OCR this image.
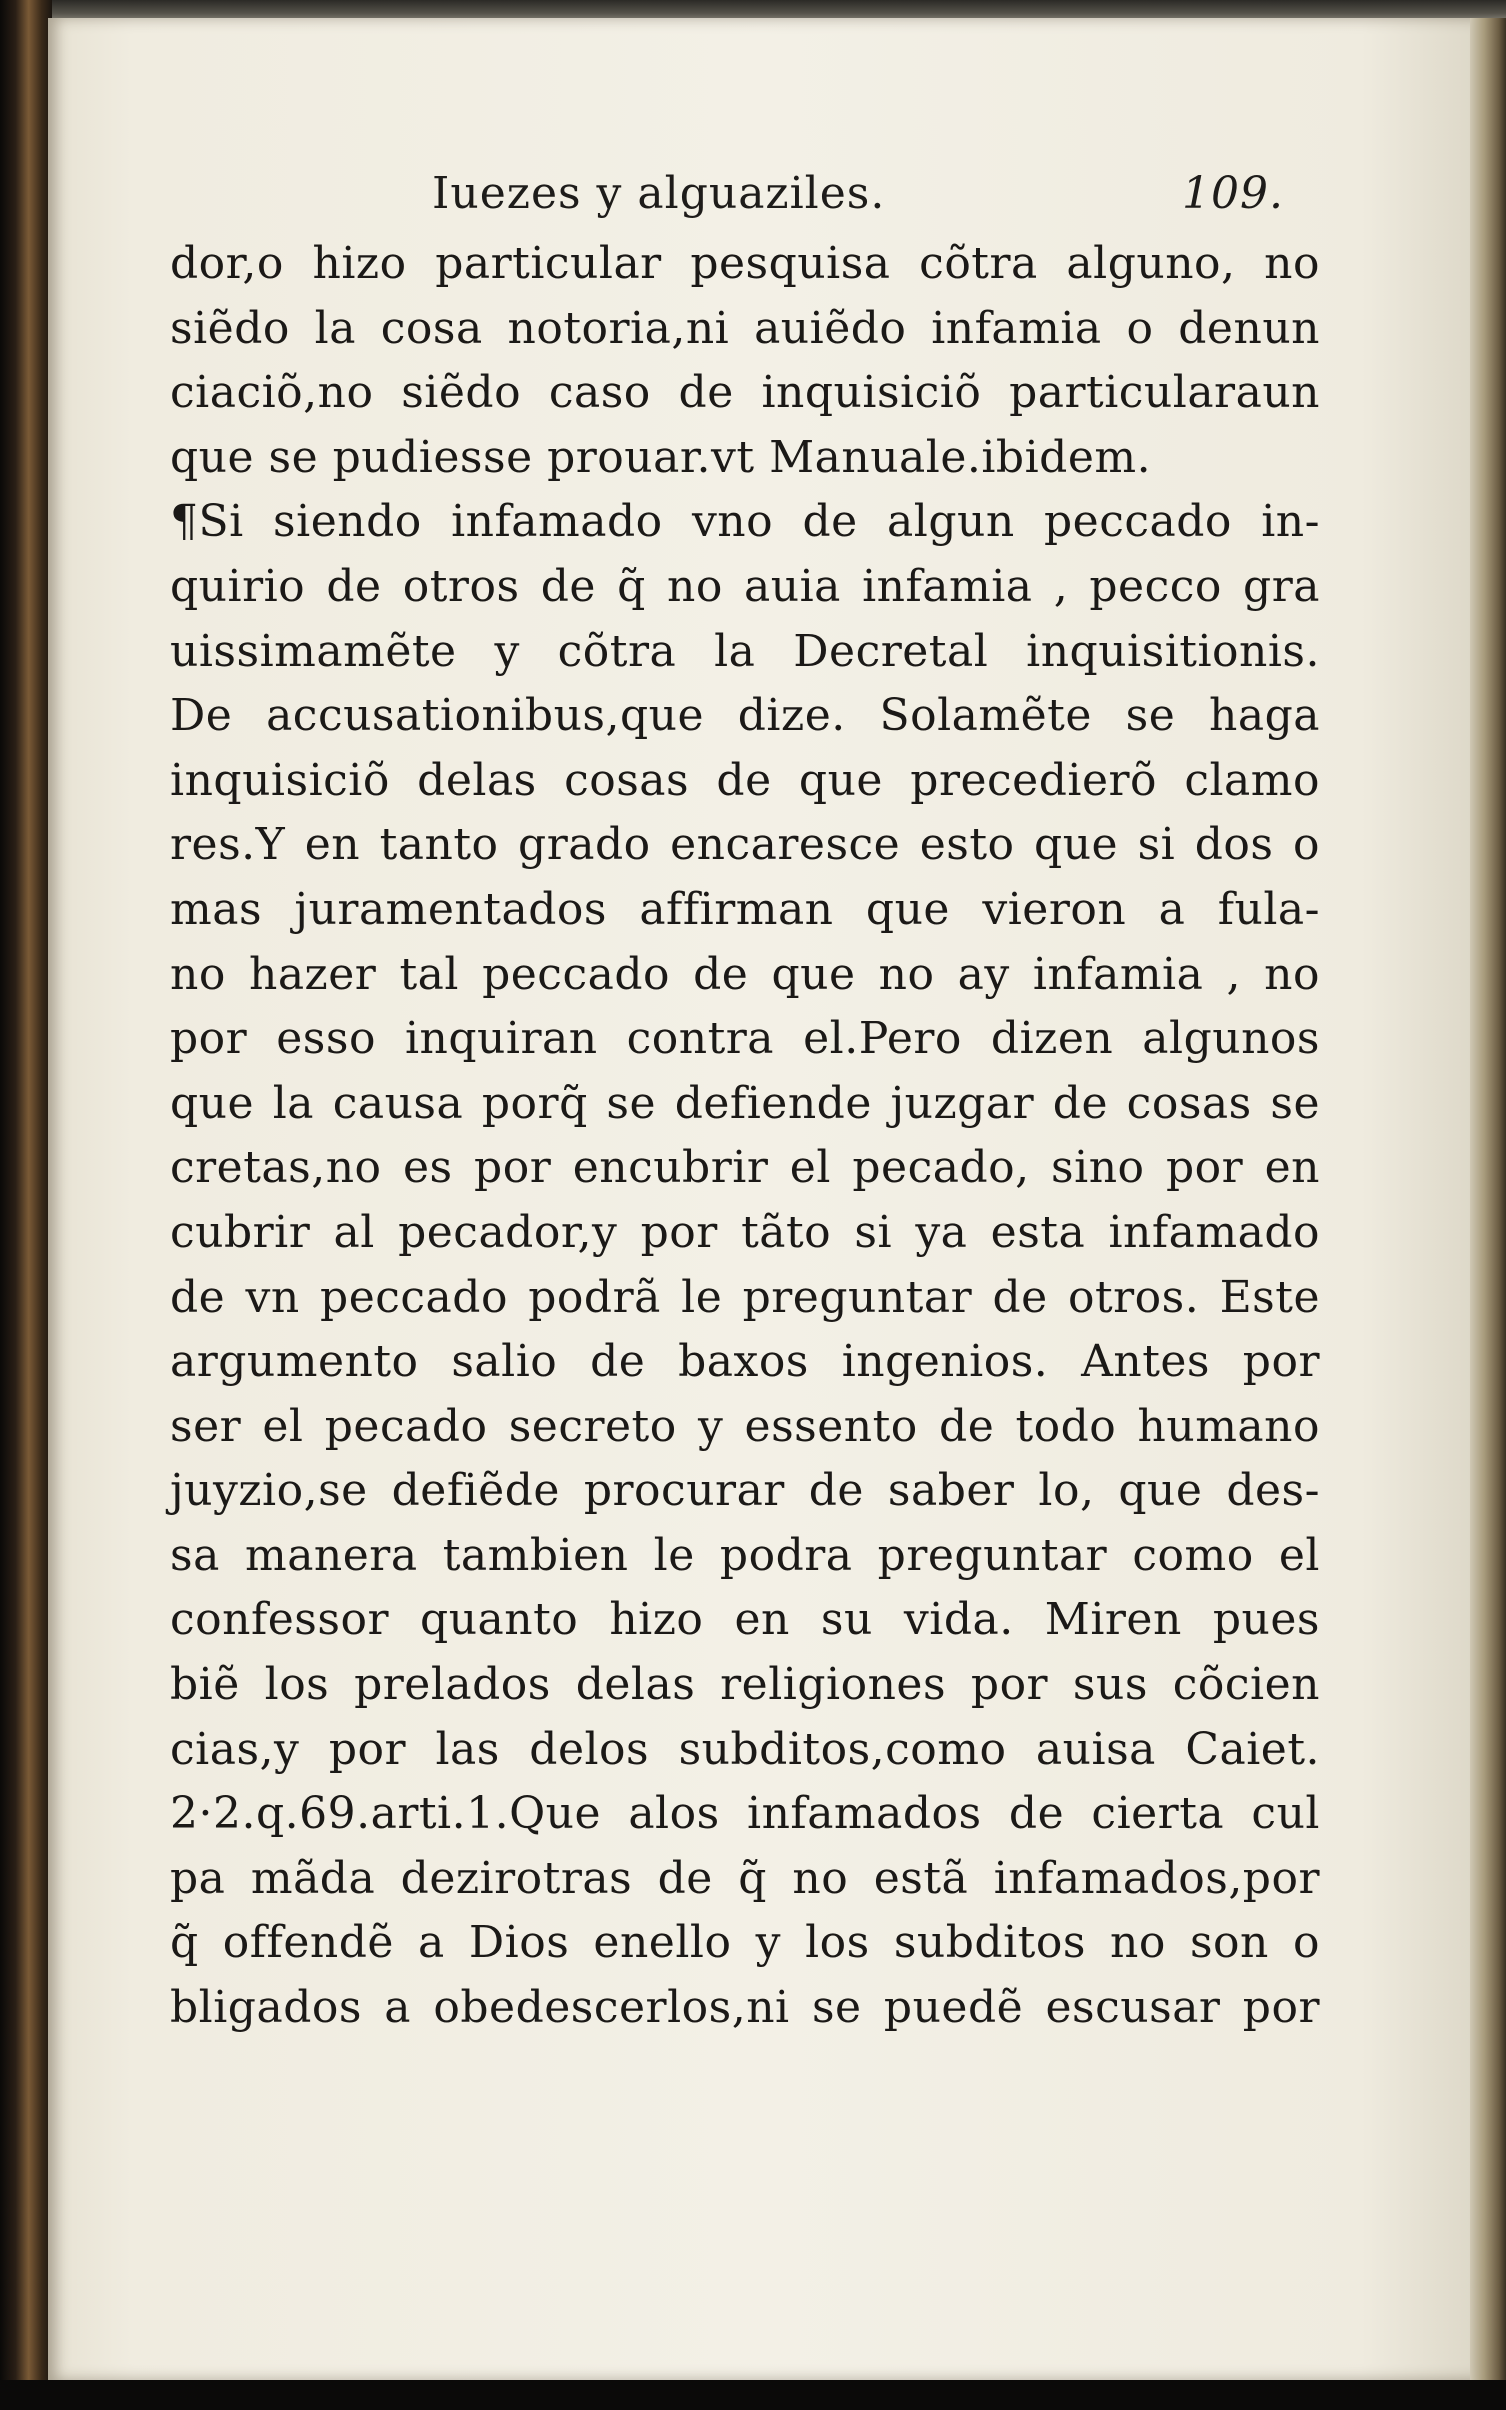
Iuezes y alguaziles.	109.
dor,o hizo particular pesquisa cõtra alguno, no
siẽdo la cosa notoria,ni auiẽdo infamia o denun
ciaciõ,no siẽdo caso de inquisiciõ particularaun
que se pudiesse prouar.vt Manuale.ibidem.
¶Si siendo infamado vno de algun peccado in-
quirio de otros de q̃ no auia infamia , pecco gra
uissimamẽte y cõtra la Decretal inquisitionis.
De accusationibus,que dize. Solamẽte se haga
inquisiciõ delas cosas de que precedierõ clamo
res.Y en tanto grado encaresce esto que si dos o
mas juramentados affirman que vieron a fula-
no hazer tal peccado de que no ay infamia , no
por esso inquiran contra el.Pero dizen algunos
que la causa porq̃ se defiende juzgar de cosas se
cretas,no es por encubrir el pecado, sino por en
cubrir al pecador,y por tãto si ya esta infamado
de vn peccado podrã le preguntar de otros. Este
argumento salio de baxos ingenios. Antes por
ser el pecado secreto y essento de todo humano
juyzio,se defiẽde procurar de saber lo, que des-
sa manera tambien le podra preguntar como el
confessor quanto hizo en su vida. Miren pues
biẽ los prelados delas religiones por sus cõcien
cias,y por las delos subditos,como auisa Caiet.
2·2.q.69.arti.1.Que alos infamados de cierta cul
pa mãda dezirotras de q̃ no estã infamados,por
q̃ offendẽ a Dios enello y los subditos no son o
bligados a obedescerlos,ni se puedẽ escusar por
